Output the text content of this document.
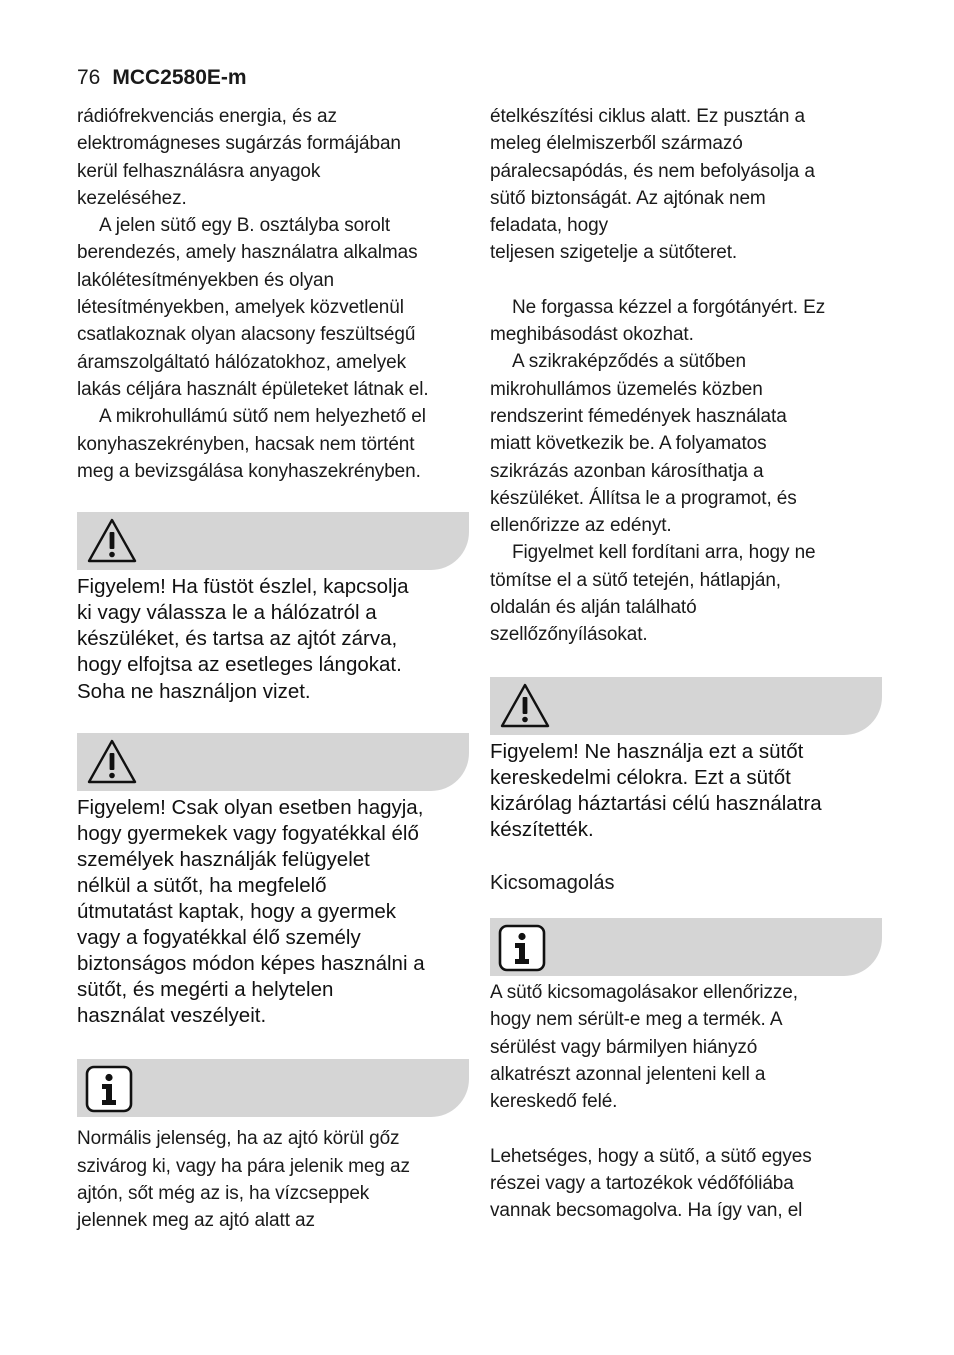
76 MCC2580E-m

rádiófrekvenciás energia, és az

elektromágneses sugárzás formájában

kerül felhasználásra anyagok

kezeléséhez.

A jelen sütő egy B. osztályba sorolt

berendezés, amely használatra alkalmas

lakólétesítményekben és olyan

létesítményekben, amelyek közvetlenül

csatlakoznak olyan alacsony feszültségű

áramszolgáltató hálózatokhoz, amelyek

lakás céljára használt épületeket látnak el.

A mikrohullámú sütő nem helyezhető el

konyhaszekrényben, hacsak nem történt

meg a bevizsgálása konyhaszekrényben.

Figyelem! Ha füstöt észlel, kapcsolja

ki vagy válassza le a hálózatról a

készüléket, és tartsa az ajtót zárva,

hogy elfojtsa az esetleges lángokat.

Soha ne használjon vizet.

Figyelem! Csak olyan esetben hagyja,

hogy gyermekek vagy fogyatékkal élő

személyek használják felügyelet

nélkül a sütőt, ha megfelelő

útmutatást kaptak, hogy a gyermek

vagy a fogyatékkal élő személy

biztonságos módon képes használni a

sütőt, és megérti a helytelen

használat veszélyeit.

Normális jelenség, ha az ajtó körül gőz

szivárog ki, vagy ha pára jelenik meg az

ajtón, sőt még az is, ha vízcseppek

jelennek meg az ajtó alatt az

ételkészítési ciklus alatt. Ez pusztán a

meleg élelmiszerből származó

páralecsapódás, és nem befolyásolja a

sütő biztonságát. Az ajtónak nem

feladata, hogy

teljesen szigetelje a sütőteret.

Ne forgassa kézzel a forgótányért. Ez

meghibásodást okozhat.

A szikraképződés a sütőben

mikrohullámos üzemelés közben

rendszerint fémedények használata

miatt következik be. A folyamatos

szikrázás azonban károsíthatja a

készüléket. Állítsa le a programot, és

ellenőrizze az edényt.

Figyelmet kell fordítani arra, hogy ne

tömítse el a sütő tetején, hátlapján,

oldalán és alján található

szellőzőnyílásokat.

Figyelem! Ne használja ezt a sütőt

kereskedelmi célokra. Ezt a sütőt

kizárólag háztartási célú használatra

készítették.

Kicsomagolás

A sütő kicsomagolásakor ellenőrizze,

hogy nem sérült-e meg a termék. A

sérülést vagy bármilyen hiányzó

alkatrészt azonnal jelenteni kell a

kereskedő felé.

Lehetséges, hogy a sütő, a sütő egyes

részei vagy a tartozékok védőfóliába

vannak becsomagolva. Ha így van, el
